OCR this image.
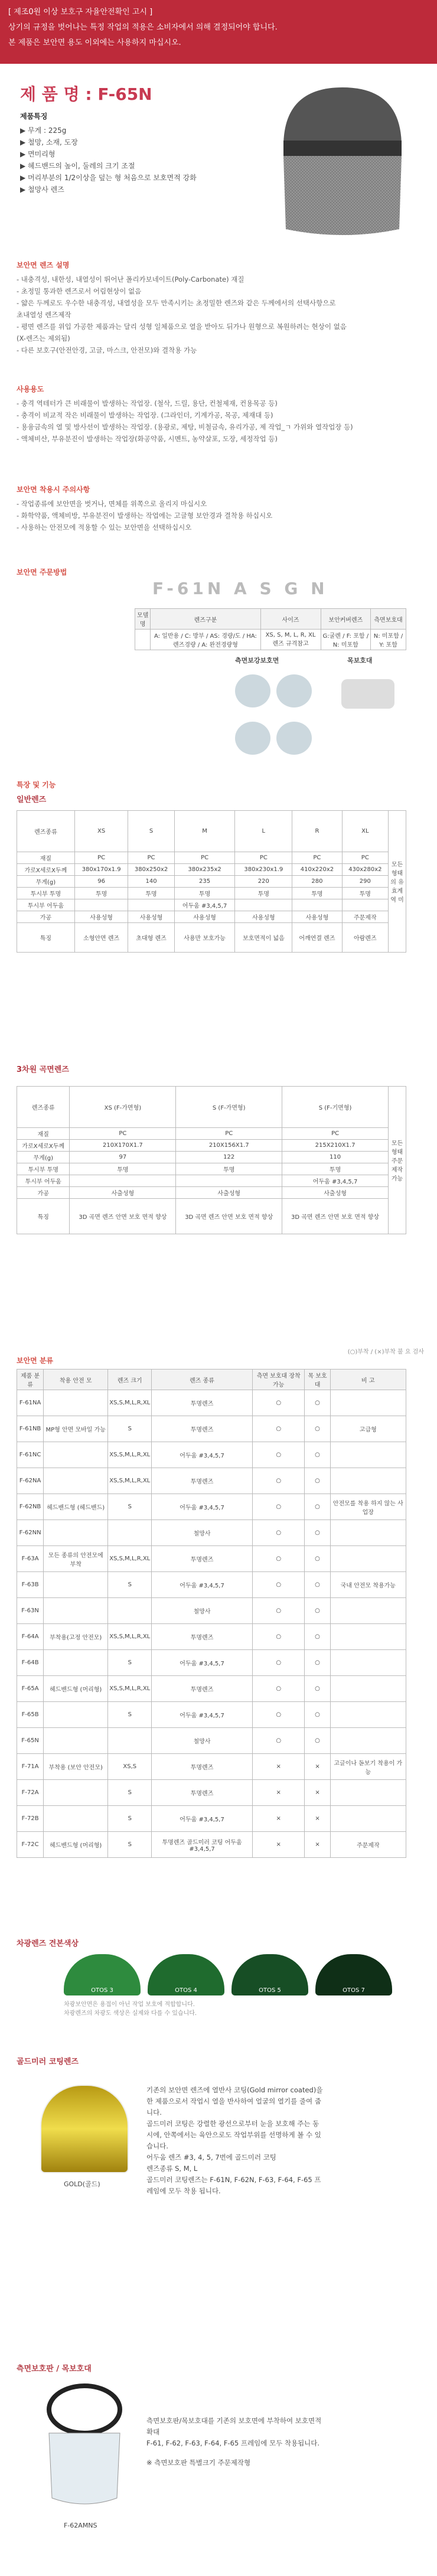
[ 제조0원 이상 보호구 자율안전확인 고시 ]
상기의 규정을 벗어나는 특정 작업의 적용은 소비자에서 의해 결정되어야 합니다.
본 제품은 보안면 용도 이외에는 사용하지 마십시오.
제 품 명 : F-65N
제품특징
▶ 무게 : 225g
▶ 철망, 소재, 도장
▶ 면미리형
▶ 헤드밴드의 높이, 둘레의 크기 조절
▶ 머리부분의 1/2이상을 덮는 형 처음으로 보호면적 강화
▶ 철망사 렌즈
보안면 렌즈 설명

- 내충격성, 내한성, 내열성이 뛰어난 폴리카보네이트(Poly-Carbonate) 재질

- 초정밀 통과한 렌즈로서 어림현상이 없음

- 얇은 두께로도 우수한 내충격성, 내열성을 모두 만족시키는 초정밀한 렌즈와 같은 두께에서의 선택사항으로

초내열성 렌즈제작

- 평면 렌즈를 위입 가공한 제품과는 달리 성형 일체품으로 열을 받아도 뒤가나 원형으로 복원하려는 현상이 없음

(X-렌즈는 제외됨)

- 다른 보호구(안전안경, 고글, 마스크, 안전모)와 결착용 가능

사용용도

- 충격 역테터가 큰 비래물이 발생하는 작업장. (철삭, 드릴, 용단, 컨철제재, 컨용목공 등)

- 충격이 비교적 작은 비래물이 발생하는 작업장. (그라인더, 기계가공, 목공, 제재대 등)

- 용융금속의 열 및 방사선이 발생하는 작업장. (용광로, 제탕, 비철금속, 유리가공, 제 작업_ㄱ 가위와 열작업장 등)

- 액체비산, 부유분진이 발생하는 작업장(화공약품, 시멘트, 농약살포, 도장, 세정작업 등)

보안면 착용시 주의사항

- 작업종류에 보안면을 벗거나, 면체를 위쪽으로 올리지 마십시오

- 화학약품, 액체비방, 부유분진이 발생하는 작업에는 고글형 보안경과 결착용 하십시오

- 사용하는 안전모에 적용할 수 있는 보안면을 선택하십시오

보안면 주문방법
F-61N A S G N
모델명	렌즈구분	사이즈	보안커버렌즈	측면보호대
	A: 일반용 / C: 방부 / AS: 경량/도 / HA: 렌즈경량 / A: 완전경량형	XS, S, M, L, R, XL 렌즈 규격참고	G:굴렌 / F: 포함 / N: 미포함	N: 미포함 / Y: 포함
측면보강보호면	목보호대
특장 및 기능
일반렌즈
렌즈종류	XS	S	M	L	R	XL	모든 형태의 유효계역 미
재질	PC	PC	PC	PC	PC	PC	
가로X세로X두께	380x170x1.9	380x250x2	380x235x2	380x230x1.9	410x220x2	430x280x2	
무게(g)	96	140	235	220	280	290	
투시부 투명	투명	투명	투명	투명	투명	투명	
투시부 어두움			어두움 #3,4,5,7				
가공	사용성형	사용성형	사용성형	사용성형	사용성형	주문제작	
특징	소형안면 렌즈	초대형 렌즈	사용만 보호가능	보호면적이 넓음	어깨연결 렌즈	아람렌즈	
3차원 곡면렌즈
렌즈종류	XS (F-가면형)	S (F-가면형)	S (F-기면형)	모든 형태 주문제작가능
재질	PC	PC	PC	
가로X세로X두께	210X170X1.7	210X156X1.7	215X210X1.7	
무게(g)	97	122	110	
투시부 투명	투명	투명	투명	
투시부 어두움			어두움 #3,4,5,7	
가공	사출성형	사출성형	사출성형	
특징	3D 곡면 렌즈 안면 보호 면적 향상	3D 곡면 렌즈 안면 보호 면적 향상	3D 곡면 렌즈 안면 보호 면적 향상	
(○)부착 / (×)부착 불 요 검사
보안면 분류
제품 분류	착용 안전 모	렌즈 크기	렌즈 종류	측면 보호대 장착가능	목 보호대	비 고
F-61NA		XS,S,M,L,R,XL	투명렌즈	○	○	
F-61NB	MP형 안면 모바일 가능	S	투명렌즈	○	○	고급형
F-61NC		XS,S,M,L,R,XL	어두움 #3,4,5,7	○	○	
F-62NA		XS,S,M,L,R,XL	투명렌즈	○	○	
F-62NB	헤드밴드형 (헤드밴드)	S	어두움 #3,4,5,7	○	○	안전모를 착용 하지 않는 사업장
F-62NN			철망사	○	○	
F-63A	모든 종류의 안전모에 부착	XS,S,M,L,R,XL	투명렌즈	○	○	
F-63B		S	어두움 #3,4,5,7	○	○	국내 안전모 착용가능
F-63N			철망사	○	○	
F-64A	부착용(고정 안전모)	XS,S,M,L,R,XL	투명렌즈	○	○	
F-64B		S	어두움 #3,4,5,7	○	○	
F-65A	헤드밴드형 (머리형)	XS,S,M,L,R,XL	투명렌즈	○	○	
F-65B		S	어두움 #3,4,5,7	○	○	
F-65N			철망사	○	○	
F-71A	부착용 (보안 안전모)	XS,S	투명렌즈	×	×	고글이나 돋보기 착용이 가능
F-72A		S	투명렌즈	×	×	
F-72B		S	어두움 #3,4,5,7	×	×	
F-72C	헤드밴드형 (머리형)	S	투명렌즈 골드미러 코팅 어두움 #3,4,5,7	×	×	주문제작
차광렌즈 견본색상
OTOS 3	OTOS 4	OTOS 5	OTOS 7
차광보안면은 용접이 아닌 작업 보호에 적합합니다.
차광렌즈의 차광도 색상은 실제와 다를 수 있습니다.
골드미러 코팅렌즈
GOLD(골드)
기존의 보안면 렌즈에 열반사 코팅(Gold mirror coated)을 한 제품으로서 작업시 열을 반사하여 얼굴의 열기를 줄여 줍니다.
골드미러 코팅은 강렬한 광선으로부터 눈을 보호해 주는 동시에, 안쪽에서는 육안으로도 작업부위를 선명하게 볼 수 있습니다.
어두움 렌즈 #3, 4, 5, 7번에 골드미러 코팅
렌즈종류 S, M, L
골드미러 코팅렌즈는 F-61N, F-62N, F-63, F-64, F-65 프레임에 모두 착용 됩니다.
측면보호판 / 목보호대
F-62AMNS
측면보호판/목보호대를 기존의 보호면에 부착하여 보호면적 확대
F-61, F-62, F-63, F-64, F-65 프레임에 모두 착용됩니다.
※ 측면보호판 특별크기 주문제작형
